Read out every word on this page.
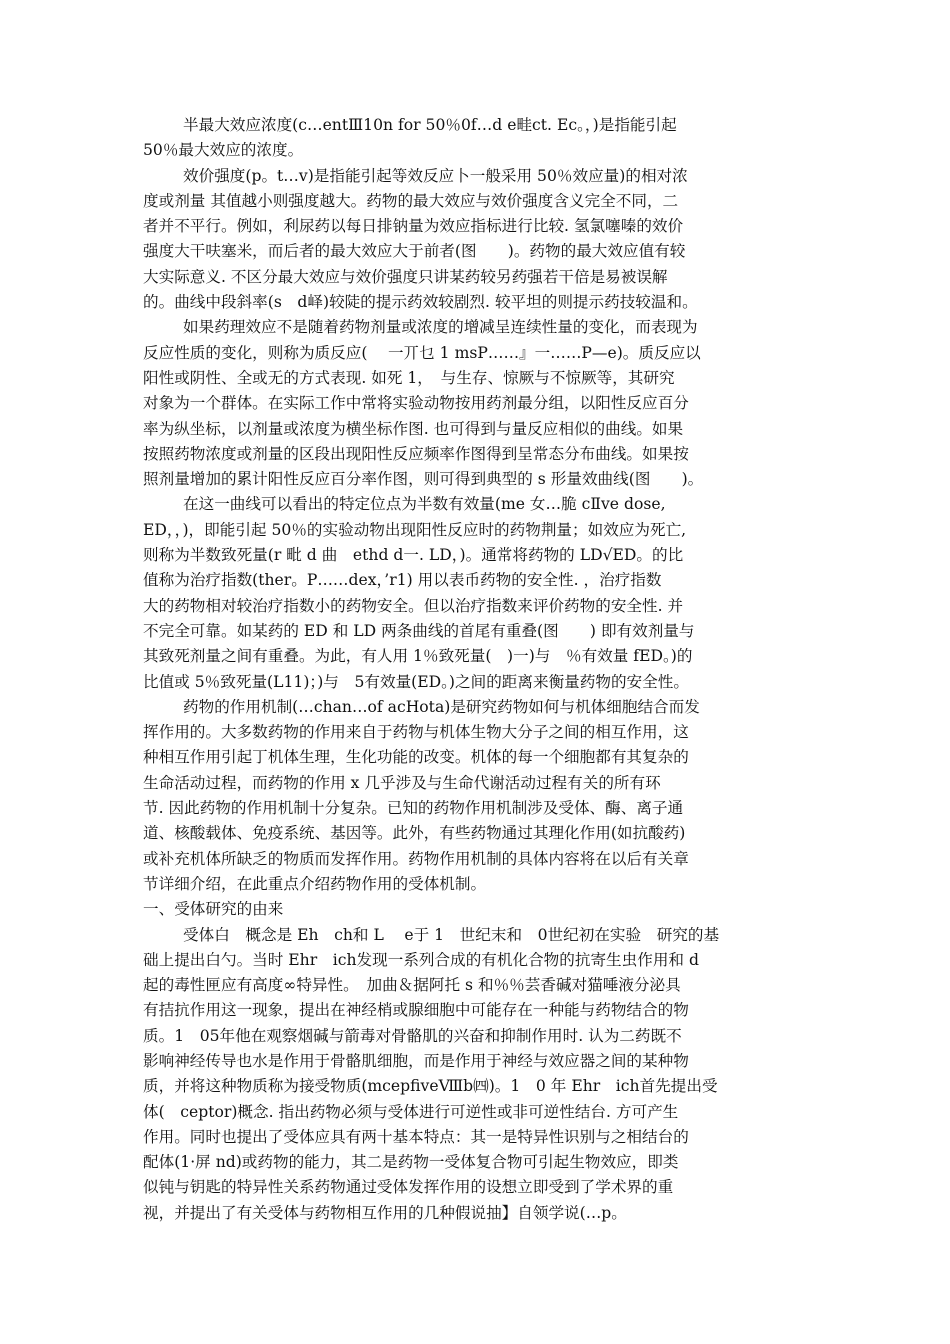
半最大效应浓度(c…entⅢ10n for 50％0f…d e畦ct. Ec。，)是指能引起
50％最大效应的浓度。
效价强度(p。t…v)是指能引起等效反应卜一般采用 50％效应量)的相对浓
度或剂量 其值越小则强度越大。药物的最大效应与效价强度含义完全不同，二
者并不平行。例如，利尿药以每日排钠量为效应指标进行比较. 氢氯噻嗪的效价
强度大干呋塞米，而后者的最大效应大于前者(图　　)。药物的最大效应值有较
大实际意义. 不区分最大效应与效价强度只讲某药较另药强若干倍是易被误解
的。曲线中段斜率(s　d峄)较陡的提示药效较剧烈. 较平坦的则提示药技较温和。
如果药理效应不是随着药物剂量或浓度的增减呈连续性量的变化，而表现为
反应性质的变化，则称为质反应(　 一丌乜 1 msP……』一……P—e)。质反应以
阳性或阴性、全或无的方式表现. 如死 1，　与生存、惊厥与不惊厥等，其研究
对象为一个群体。在实际工作中常将实验动物按用药剂最分组，以阳性反应百分
率为纵坐标，以剂量或浓度为横坐标作图. 也可得到与量反应相似的曲线。如果
按照药物浓度或剂量的区段出现阳性反应频率作图得到呈常态分布曲线。如果按
照剂量增加的累计阳性反应百分率作图，则可得到典型的 s 形量效曲线(图　　)。
在这一曲线可以看出的特定位点为半数有效量(me 女…脆 cⅡve dose,
ED，，)，即能引起 50％的实验动物出现阳性反应时的药物荆量；如效应为死亡,
则称为半数致死量(r 毗 d 曲　ethd d一. LD，)。通常将药物的 LD√ED。的比
值称为治疗指数(ther。P……dex，’r1) 用以表币药物的安全性. ，治疗指数
大的药物相对较治疗指数小的药物安全。但以治疗指数来评价药物的安全性. 并
不完全可靠。如某药的 ED 和 LD 两条曲线的首尾有重叠(图　　) 即有效剂量与
其致死剂量之间有重叠。为此，有人用 1％致死量(　)一)与　％有效量 fED。)的
比值或 5％致死量(L11)；)与　5有效量(ED。)之间的距离来衡量药物的安全性。
药物的作用机制(…chan…of acHota)是研究药物如何与机体细胞结合而发
挥作用的。大多数药物的作用来自于药物与机体生物大分子之间的相互作用，这
种相互作用引起丁机体生理，生化功能的改变。机体的每一个细胞都有其复杂的
生命活动过程，而药物的作用 x 几乎涉及与生命代谢活动过程有关的所有环
节. 因此药物的作用机制十分复杂。已知的药物作用机制涉及受体、酶、离子通
道、核酸载体、免疫系统、基因等。此外，有些药物通过其理化作用(如抗酸药)
或补充机体所缺乏的物质而发挥作用。药物作用机制的具体内容将在以后有关章
节详细介绍，在此重点介绍药物作用的受体机制。
一、受体研究的由来
受体白　概念是 Eh　ch和 L　 e于 1　世纪末和　0世纪初在实验　研究的基
础上提出白勺。当时 Ehr　ich发现一系列合成的有机化合物的抗寄生虫作用和 d
起的毒性匣应有高度∞特异性。　加曲＆据阿托 s 和％％芸香碱对猫唾液分泌具
有拮抗作用这一现象，提出在神经梢或腺细胞中可能存在一种能与药物结合的物
质。1　05年他在观察烟碱与箭毒对骨骼肌的兴奋和抑制作用时. 认为二药既不
影响神经传导也水是作用于骨骼肌细胞，而是作用于神经与效应器之间的某种物
质，并将这种物质称为接受物质(mcepfiveⅧb㈣)。1　0 年 Ehr　ich首先提出受
体(　ceptor)概念. 指出药物必须与受体进行可逆性或非可逆性结台. 方可产生
作用。同时也提出了受体应具有两十基本特点：其一是特异性识别与之相结台的
配体(1·屏 nd)或药物的能力，其二是药物一受体复合物可引起生物效应，即类
似钝与钥匙的特异性关系药物通过受体发挥作用的设想立即受到了学术界的重
视，并提出了有关受体与药物相互作用的几种假说抽】自领学说(…p。
